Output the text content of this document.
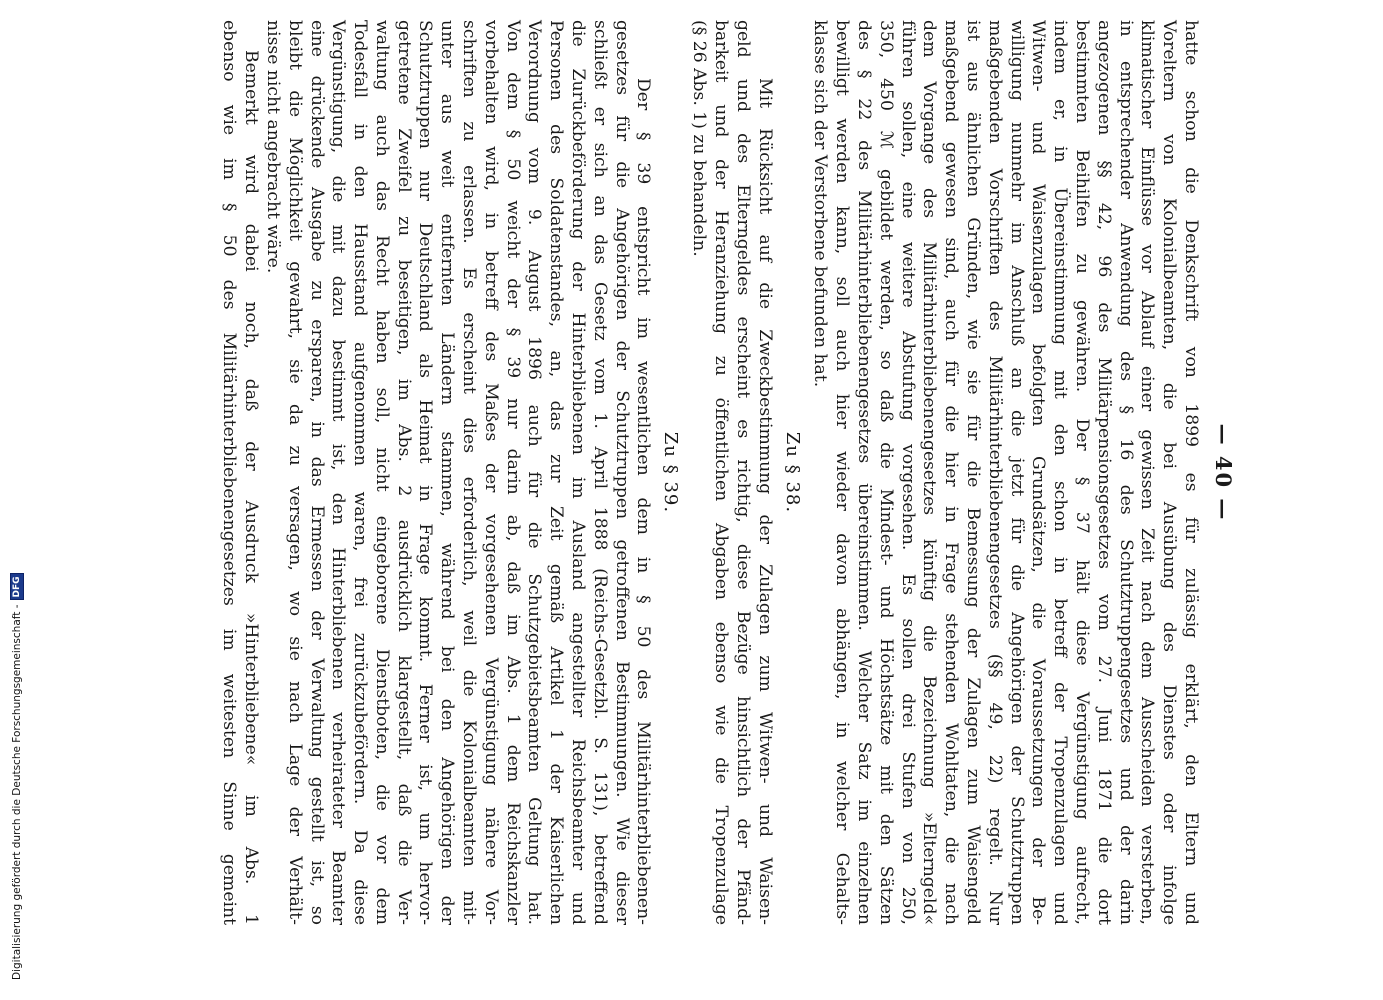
— 40 —
hatte schon die Denkschrift von 1899 es für zulässig erklärt, den Eltern und
Voreltern von Kolonialbeamten, die bei Ausübung des Dienstes oder infolge
klimatischer Einflüsse vor Ablauf einer gewissen Zeit nach dem Ausscheiden versterben,
in entsprechender Anwendung des § 16 des Schutztruppengesetzes und der darin
angezogenen §§ 42, 96 des Militärpensionsgesetzes vom 27. Juni 1871 die dort
bestimmten Beihilfen zu gewähren. Der § 37 hält diese Vergünstigung aufrecht,
indem er, in Übereinstimmung mit den schon in betreff der Tropenzulagen und
Witwen- und Waisenzulagen befolgten Grundsätzen, die Voraussetzungen der Be-
willigung nunmehr im Anschluß an die jetzt für die Angehörigen der Schutztruppen
maßgebenden Vorschriften des Militärhinterbliebenengesetzes (§§ 49, 22) regelt. Nur
ist aus ähnlichen Gründen, wie sie für die Bemessung der Zulagen zum Waisengeld
maßgebend gewesen sind, auch für die hier in Frage stehenden Wohltaten, die nach
dem Vorgange des Militärhinterbliebenengesetzes künftig die Bezeichnung »Elterngeld«
führen sollen, eine weitere Abstufung vorgesehen. Es sollen drei Stufen von 250,
350, 450 ℳ gebildet werden, so daß die Mindest- und Höchstsätze mit den Sätzen
des § 22 des Militärhinterbliebenengesetzes übereinstimmen. Welcher Satz im einzelnen
bewilligt werden kann, soll auch hier wieder davon abhängen, in welcher Gehalts-
klasse sich der Verstorbene befunden hat.
Zu § 38.
Mit Rücksicht auf die Zweckbestimmung der Zulagen zum Witwen- und Waisen-
geld und des Elterngeldes erscheint es richtig, diese Bezüge hinsichtlich der Pfänd-
barkeit und der Heranziehung zu öffentlichen Abgaben ebenso wie die Tropenzulage
(§ 26 Abs. 1) zu behandeln.
Zu § 39.
Der § 39 entspricht im wesentlichen dem in § 50 des Militärhinterbliebenen-
gesetzes für die Angehörigen der Schutztruppen getroffenen Bestimmungen. Wie dieser
schließt er sich an das Gesetz vom 1. April 1888 (Reichs-Gesetzbl. S. 131), betreffend
die Zurückbeförderung der Hinterbliebenen im Ausland angestellter Reichsbeamter und
Personen des Soldatenstandes, an, das zur Zeit gemäß Artikel 1 der Kaiserlichen
Verordnung vom 9. August 1896 auch für die Schutzgebietsbeamten Geltung hat.
Von dem § 50 weicht der § 39 nur darin ab, daß im Abs. 1 dem Reichskanzler
vorbehalten wird, in betreff des Maßes der vorgesehenen Vergünstigung nähere Vor-
schriften zu erlassen. Es erscheint dies erforderlich, weil die Kolonialbeamten mit-
unter aus weit entfernten Ländern stammen, während bei den Angehörigen der
Schutztruppen nur Deutschland als Heimat in Frage kommt. Ferner ist, um hervor-
getretene Zweifel zu beseitigen, im Abs. 2 ausdrücklich klargestellt, daß die Ver-
waltung auch das Recht haben soll, nicht eingeborene Dienstboten, die vor dem
Todesfall in den Hausstand aufgenommen waren, frei zurückzubefördern. Da diese
Vergünstigung, die mit dazu bestimmt ist, den Hinterbliebenen verheirateter Beamter
eine drückende Ausgabe zu ersparen, in das Ermessen der Verwaltung gestellt ist, so
bleibt die Möglichkeit gewahrt, sie da zu versagen, wo sie nach Lage der Verhält-
nisse nicht angebracht wäre.
Bemerkt wird dabei noch, daß der Ausdruck »Hinterbliebene« im Abs. 1
ebenso wie im § 50 des Militärhinterbliebenengesetzes im weitesten Sinne gemeint
Digitalisierung gefördert durch die Deutsche Forschungsgemeinschaft -
DFG
